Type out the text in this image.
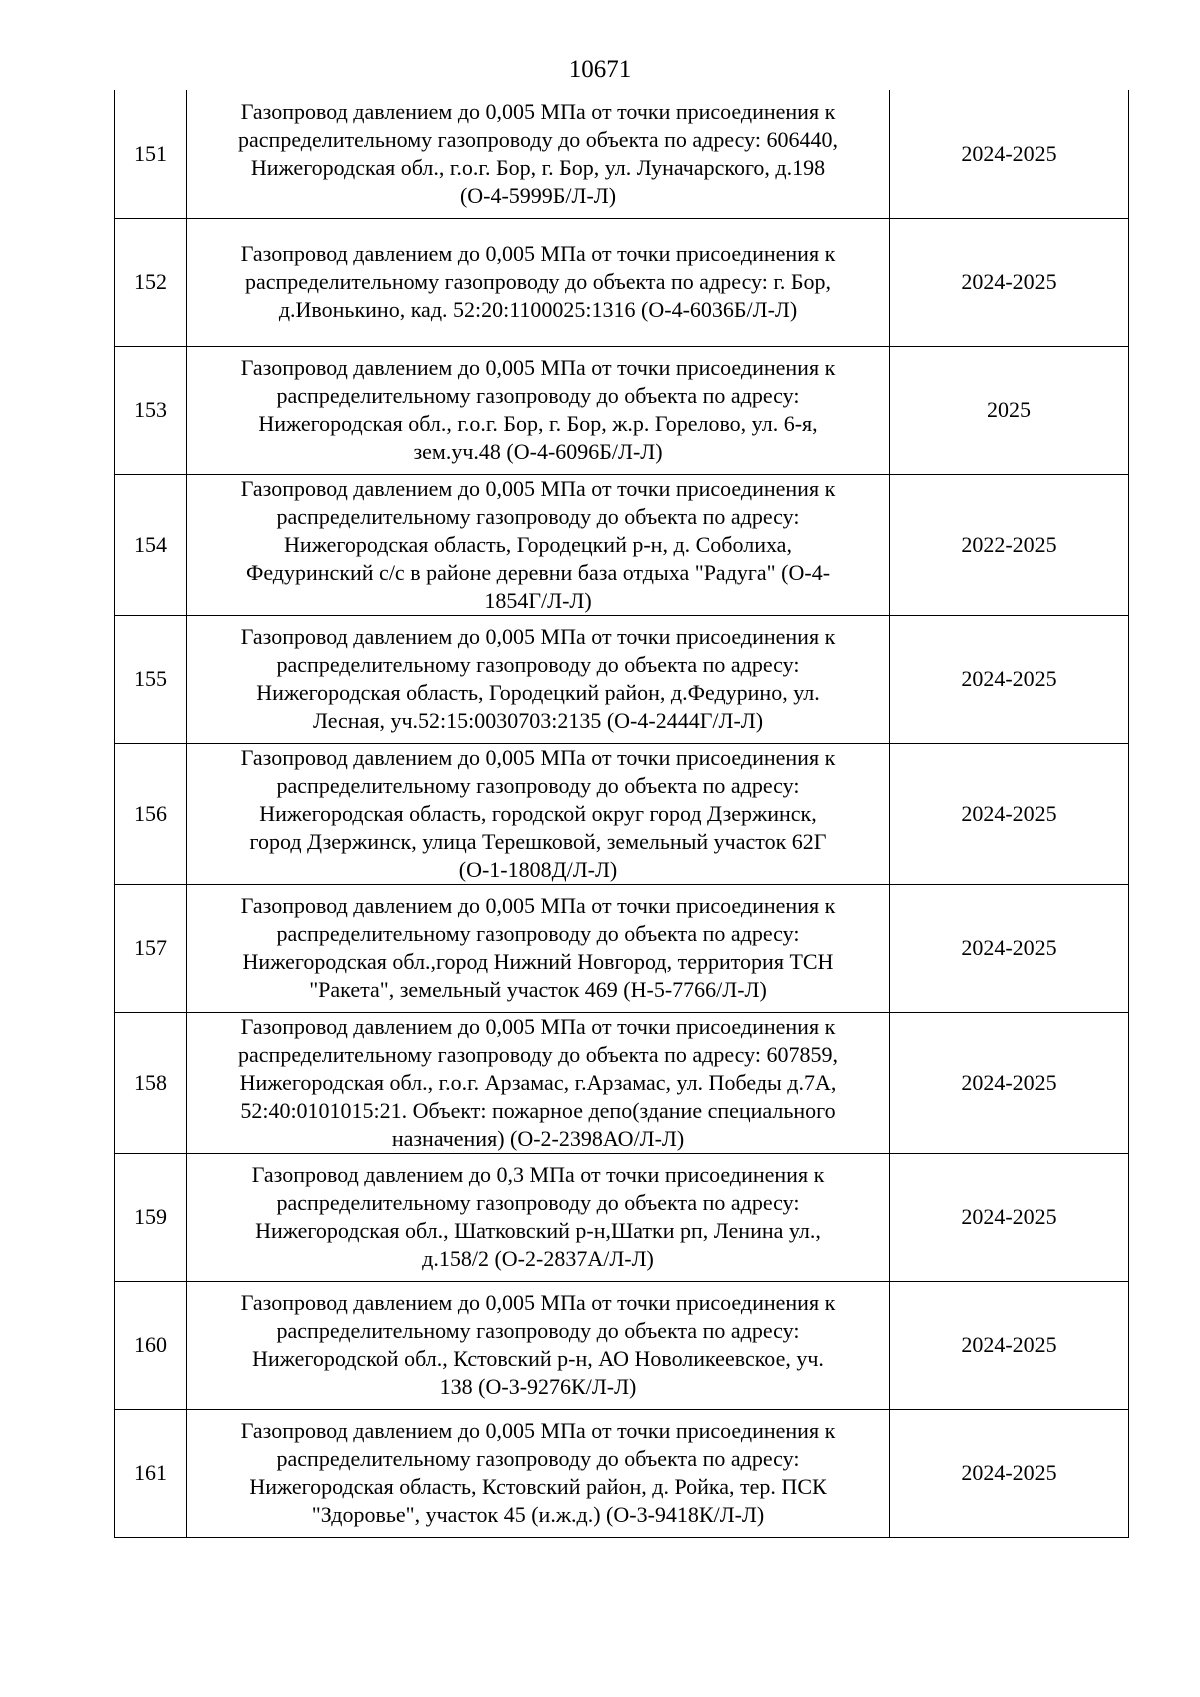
10671
151	Газопровод давлением до 0,005 МПа от точки присоединения к
распределительному газопроводу до объекта по адресу: 606440,
Нижегородская обл., г.о.г. Бор, г. Бор, ул. Луначарского, д.198
(О-4-5999Б/Л-Л)	2024-2025
152	Газопровод давлением до 0,005 МПа от точки присоединения к
распределительному газопроводу до объекта по адресу: г. Бор,
д.Ивонькино, кад. 52:20:1100025:1316 (О-4-6036Б/Л-Л)	2024-2025
153	Газопровод давлением до 0,005 МПа от точки присоединения к
распределительному газопроводу до объекта по адресу:
Нижегородская обл., г.о.г. Бор, г. Бор, ж.р. Горелово, ул. 6-я,
зем.уч.48 (О-4-6096Б/Л-Л)	2025
154	Газопровод давлением до 0,005 МПа от точки присоединения к
распределительному газопроводу до объекта по адресу:
Нижегородская область, Городецкий р-н, д. Соболиха,
Федуринский с/с в районе деревни база отдыха "Радуга" (О-4-
1854Г/Л-Л)	2022-2025
155	Газопровод давлением до 0,005 МПа от точки присоединения к
распределительному газопроводу до объекта по адресу:
Нижегородская область, Городецкий район, д.Федурино, ул.
Лесная, уч.52:15:0030703:2135 (О-4-2444Г/Л-Л)	2024-2025
156	Газопровод давлением до 0,005 МПа от точки присоединения к
распределительному газопроводу до объекта по адресу:
Нижегородская область, городской округ город Дзержинск,
город Дзержинск, улица Терешковой, земельный участок 62Г
(О-1-1808Д/Л-Л)	2024-2025
157	Газопровод давлением до 0,005 МПа от точки присоединения к
распределительному газопроводу до объекта по адресу:
Нижегородская обл.,город Нижний Новгород, территория ТСН
"Ракета", земельный участок 469 (Н-5-7766/Л-Л)	2024-2025
158	Газопровод давлением до 0,005 МПа от точки присоединения к
распределительному газопроводу до объекта по адресу: 607859,
Нижегородская обл., г.о.г. Арзамас, г.Арзамас, ул. Победы д.7А,
52:40:0101015:21. Объект: пожарное депо(здание специального
назначения) (О-2-2398АО/Л-Л)	2024-2025
159	Газопровод давлением до 0,3 МПа от точки присоединения к
распределительному газопроводу до объекта по адресу:
Нижегородская обл., Шатковский р-н,Шатки рп, Ленина ул.,
д.158/2 (О-2-2837А/Л-Л)	2024-2025
160	Газопровод давлением до 0,005 МПа от точки присоединения к
распределительному газопроводу до объекта по адресу:
Нижегородской обл., Кстовский р-н, АО Новоликеевское, уч.
138 (О-3-9276К/Л-Л)	2024-2025
161	Газопровод давлением до 0,005 МПа от точки присоединения к
распределительному газопроводу до объекта по адресу:
Нижегородская область, Кстовский район, д. Ройка, тер. ПСК
"Здоровье", участок 45 (и.ж.д.) (О-3-9418К/Л-Л)	2024-2025
